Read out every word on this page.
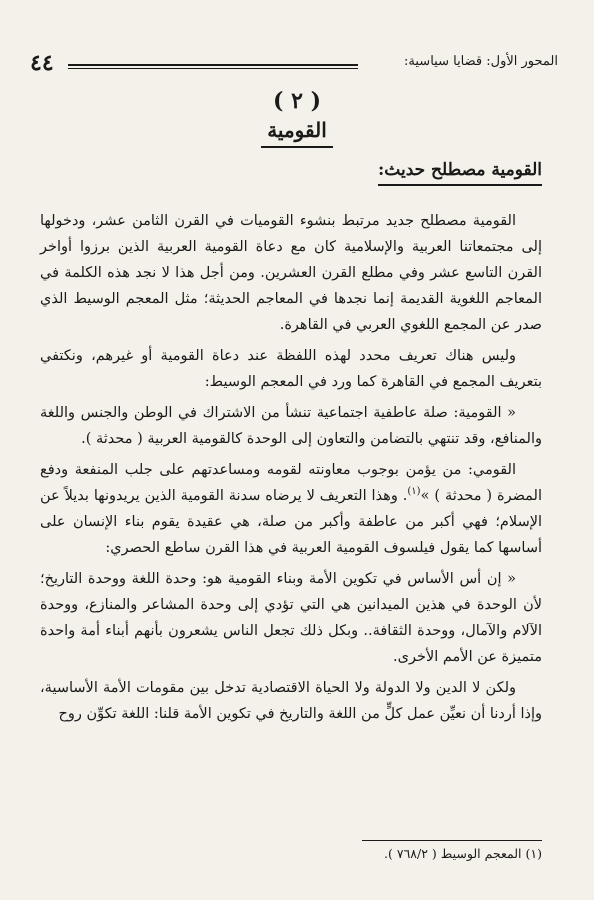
٤٤	المحور الأول: قضايا سياسية:
( ٢ )
القومية
القومية مصطلح حديث:

القومية مصطلح جديد مرتبط بنشوء القوميات في القرن الثامن عشر، ودخولها إلى مجتمعاتنا العربية والإسلامية كان مع دعاة القومية العربية الذين برزوا أواخر القرن التاسع عشر وفي مطلع القرن العشرين. ومن أجل هذا لا نجد هذه الكلمة في المعاجم اللغوية القديمة إنما نجدها في المعاجم الحديثة؛ مثل المعجم الوسيط الذي صدر عن المجمع اللغوي العربي في القاهرة.

وليس هناك تعريف محدد لهذه اللفظة عند دعاة القومية أو غيرهم، ونكتفي بتعريف المجمع في القاهرة كما ورد في المعجم الوسيط:

« القومية: صلة عاطفية اجتماعية تنشأ من الاشتراك في الوطن والجنس واللغة والمنافع، وقد تنتهي بالتضامن والتعاون إلى الوحدة كالقومية العربية ( محدثة ).

القومي: من يؤمن بوجوب معاونته لقومه ومساعدتهم على جلب المنفعة ودفع المضرة ( محدثة ) »$^{(١)}$. وهذا التعريف لا يرضاه سدنة القومية الذين يريدونها بديلاً عن الإسلام؛ فهي أكبر من عاطفة وأكبر من صلة، هي عقيدة يقوم بناء الإنسان على أساسها كما يقول فيلسوف القومية العربية في هذا القرن ساطع الحصري:

« إن أس الأساس في تكوين الأمة وبناء القومية هو: وحدة اللغة ووحدة التاريخ؛ لأن الوحدة في هذين الميدانين هي التي تؤدي إلى وحدة المشاعر والمنازع، ووحدة الآلام والآمال، ووحدة الثقافة.. وبكل ذلك تجعل الناس يشعرون بأنهم أبناء أمة واحدة متميزة عن الأمم الأخرى.

ولكن لا الدين ولا الدولة ولا الحياة الاقتصادية تدخل بين مقومات الأمة الأساسية، وإذا أردنا أن نعيِّن عمل كلٍّ من اللغة والتاريخ في تكوين الأمة قلنا: اللغة تكوِّن روح

(١) المعجم الوسيط ( ٧٦٨/٢ ).
